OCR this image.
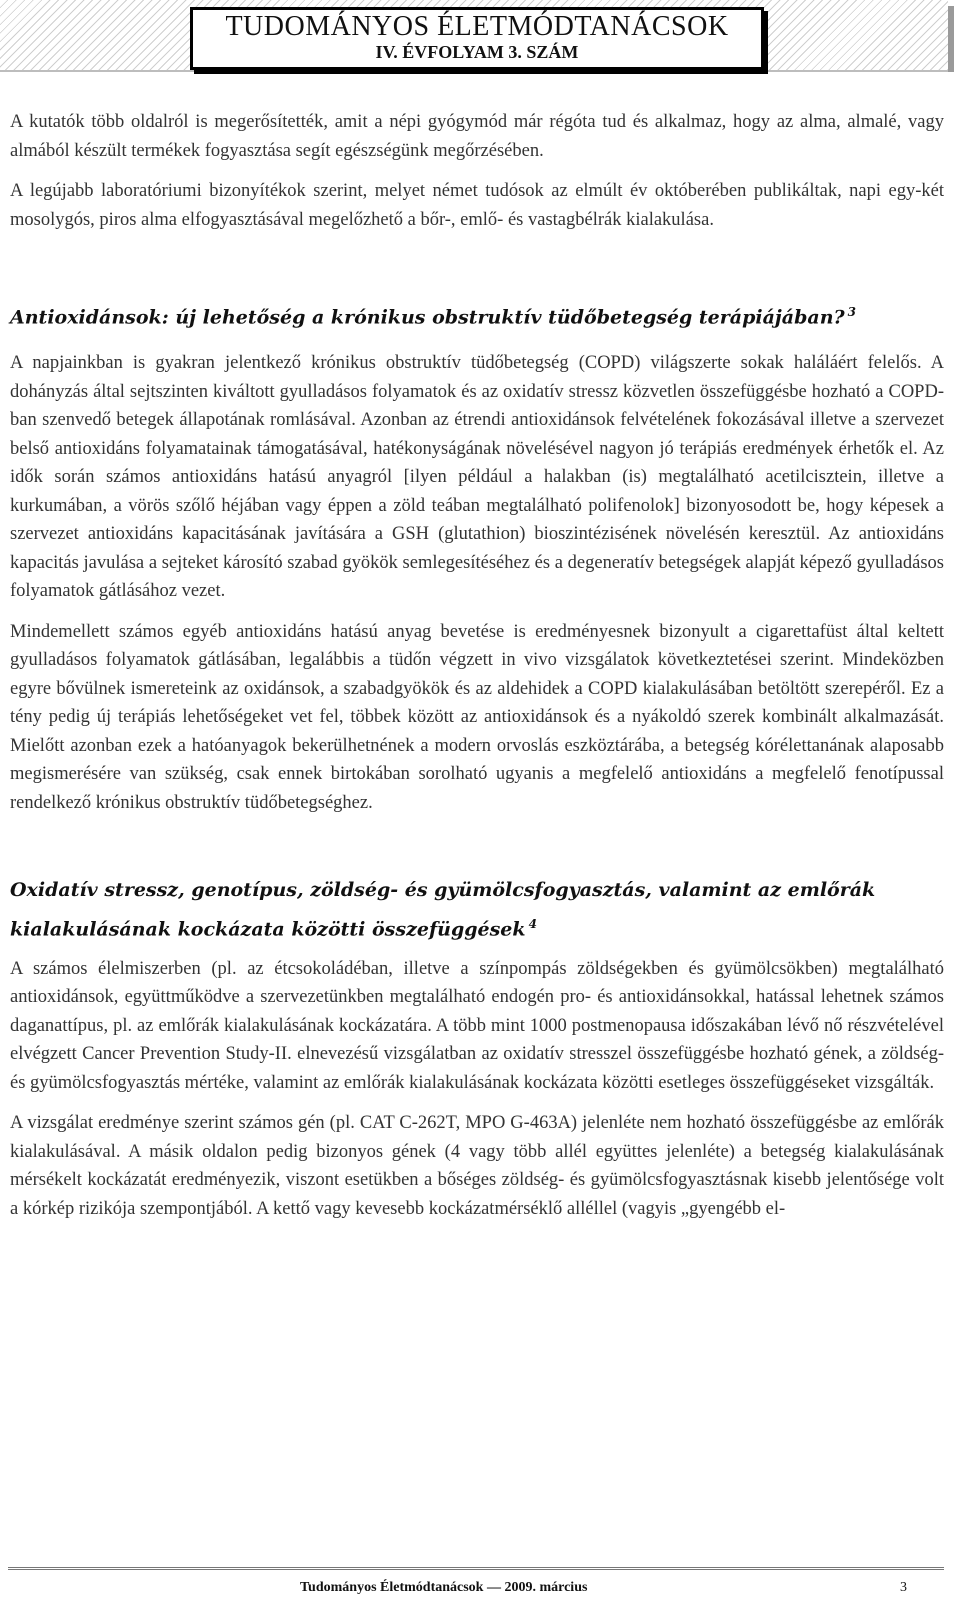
TUDOMÁNYOS ÉLETMÓDTANÁCSOK
IV. ÉVFOLYAM 3. SZÁM

A kutatók több oldalról is megerősítették, amit a népi gyógymód már régóta tud és alkalmaz, hogy az alma, almalé, vagy almából készült termékek fogyasztása segít egészségünk megőrzésében.

A legújabb laboratóriumi bizonyítékok szerint, melyet német tudósok az elmúlt év októberében publikáltak, napi egy-két mosolygós, piros alma elfogyasztásával megelőzhető a bőr-, emlő- és vastagbélrák kialakulása.

Antioxidánsok: új lehetőség a krónikus obstruktív tüdőbetegség terápiájában? $^3$

A napjainkban is gyakran jelentkező krónikus obstruktív tüdőbetegség (COPD) világszerte sokak haláláért felelős. A dohányzás által sejtszinten kiváltott gyulladásos folyamatok és az oxidatív stressz közvetlen összefüggésbe hozható a COPD-ban szenvedő betegek állapotának romlásával. Azonban az étrendi antioxidánsok felvételének fokozásával illetve a szervezet belső antioxidáns folyamatainak támogatásával, hatékonyságának növelésével nagyon jó terápiás eredmények érhetők el. Az idők során számos antioxidáns hatású anyagról [ilyen például a halakban (is) megtalálható acetilcisztein, illetve a kurkumában, a vörös szőlő héjában vagy éppen a zöld teában megtalálható polifenolok] bizonyosodott be, hogy képesek a szervezet antioxidáns kapacitásának javítására a GSH (glutathion) bioszintézisének növelésén keresztül. Az antioxidáns kapacitás javulása a sejteket károsító szabad gyökök semlegesítéséhez és a degeneratív betegségek alapját képező gyulladásos folyamatok gátlásához vezet.

Mindemellett számos egyéb antioxidáns hatású anyag bevetése is eredményesnek bizonyult a cigarettafüst által keltett gyulladásos folyamatok gátlásában, legalábbis a tüdőn végzett in vivo vizsgálatok következtetései szerint. Mindeközben egyre bővülnek ismereteink az oxidánsok, a szabadgyökök és az aldehidek a COPD kialakulásában betöltött szerepéről. Ez a tény pedig új terápiás lehetőségeket vet fel, többek között az antioxidánsok és a nyákoldó szerek kombinált alkalmazását. Mielőtt azonban ezek a hatóanyagok bekerülhetnének a modern orvoslás eszköztárába, a betegség kórélettanának alaposabb megismerésére van szükség, csak ennek birtokában sorolható ugyanis a megfelelő antioxidáns a megfelelő fenotípussal rendelkező krónikus obstruktív tüdőbetegséghez.

Oxidatív stressz, genotípus, zöldség- és gyümölcsfogyasztás, valamint az emlőrák kialakulásának kockázata közötti összefüggések $^4$

A számos élelmiszerben (pl. az étcsokoládéban, illetve a színpompás zöldségekben és gyümölcsökben) megtalálható antioxidánsok, együttműködve a szervezetünkben megtalálható endogén pro- és antioxidánsokkal, hatással lehetnek számos daganattípus, pl. az emlőrák kialakulásának kockázatára. A több mint 1000 postmenopausa időszakában lévő nő részvételével elvégzett Cancer Prevention Study-II. elnevezésű vizsgálatban az oxidatív stresszel összefüggésbe hozható gének, a zöldség- és gyümölcsfogyasztás mértéke, valamint az emlőrák kialakulásának kockázata közötti esetleges összefüggéseket vizsgálták.

A vizsgálat eredménye szerint számos gén (pl. CAT C-262T, MPO G-463A) jelenléte nem hozható összefüggésbe az emlőrák kialakulásával. A másik oldalon pedig bizonyos gének (4 vagy több allél együttes jelenléte) a betegség kialakulásának mérsékelt kockázatát eredményezik, viszont esetükben a bőséges zöldség- és gyümölcsfogyasztásnak kisebb jelentősége volt a kórkép rizikója szempontjából. A kettő vagy kevesebb kockázatmérséklő alléllel (vagyis „gyengébb el-

Tudományos Életmódtanácsok — 2009. március	3
